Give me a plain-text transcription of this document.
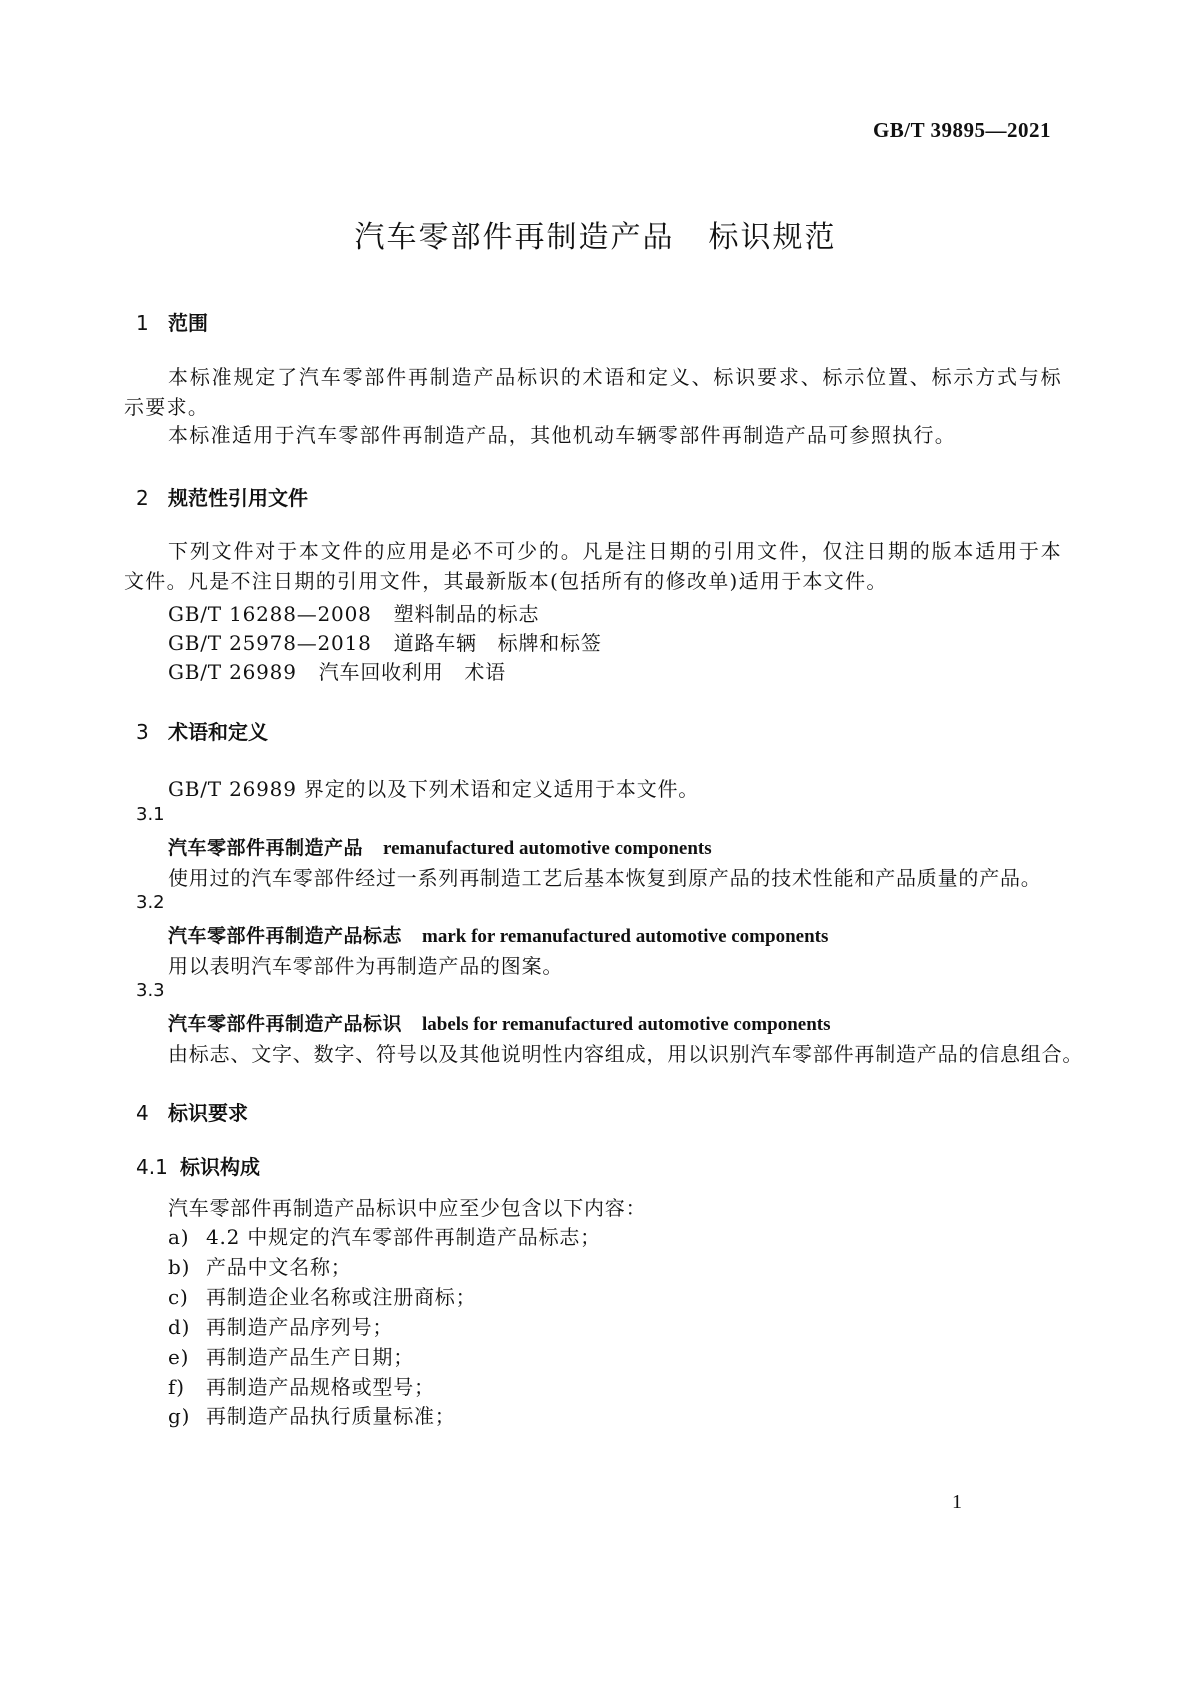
GB/T 39895—2021
汽车零部件再制造产品 标识规范
1 范围
本标准规定了汽车零部件再制造产品标识的术语和定义、标识要求、标示位置、标示方式与标示要求。
本标准适用于汽车零部件再制造产品，其他机动车辆零部件再制造产品可参照执行。
2 规范性引用文件
下列文件对于本文件的应用是必不可少的。凡是注日期的引用文件，仅注日期的版本适用于本文件。凡是不注日期的引用文件，其最新版本(包括所有的修改单)适用于本文件。
GB/T 16288—2008 塑料制品的标志
GB/T 25978—2018 道路车辆　标牌和标签
GB/T 26989 汽车回收利用　术语
3 术语和定义
GB/T 26989 界定的以及下列术语和定义适用于本文件。
3.1
汽车零部件再制造产品 remanufactured automotive components
使用过的汽车零部件经过一系列再制造工艺后基本恢复到原产品的技术性能和产品质量的产品。
3.2
汽车零部件再制造产品标志 mark for remanufactured automotive components
用以表明汽车零部件为再制造产品的图案。
3.3
汽车零部件再制造产品标识 labels for remanufactured automotive components
由标志、文字、数字、符号以及其他说明性内容组成，用以识别汽车零部件再制造产品的信息组合。
4 标识要求
4.1 标识构成
汽车零部件再制造产品标识中应至少包含以下内容：
a) 4.2 中规定的汽车零部件再制造产品标志；
b) 产品中文名称；
c) 再制造企业名称或注册商标；
d) 再制造产品序列号；
e) 再制造产品生产日期；
f) 再制造产品规格或型号；
g) 再制造产品执行质量标准；
1
